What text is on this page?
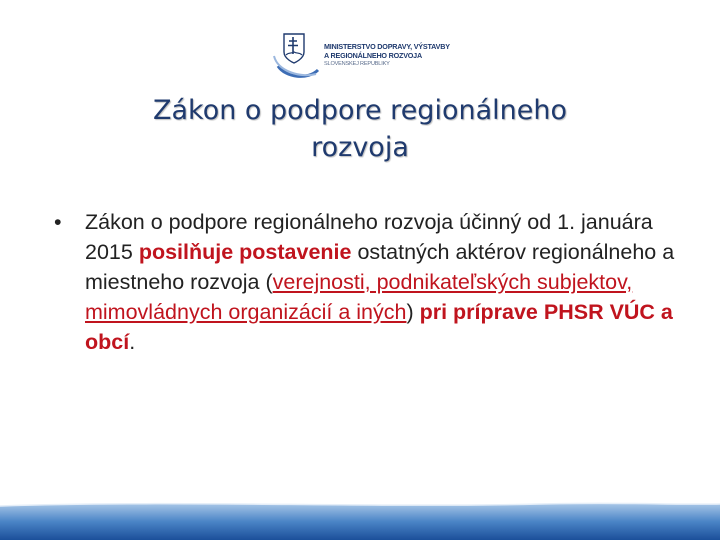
MINISTERSTVO DOPRAVY, VÝSTAVBY
A REGIONÁLNEHO ROZVOJA
SLOVENSKEJ REPUBLIKY
Zákon o podpore regionálneho
rozvoja
• Zákon o podpore regionálneho rozvoja účinný od 1. januára 2015 posilňuje postavenie ostatných aktérov regionálneho a miestneho rozvoja (verejnosti, podnikateľských subjektov, mimovládnych organizácií a iných) pri príprave PHSR VÚC a obcí.
